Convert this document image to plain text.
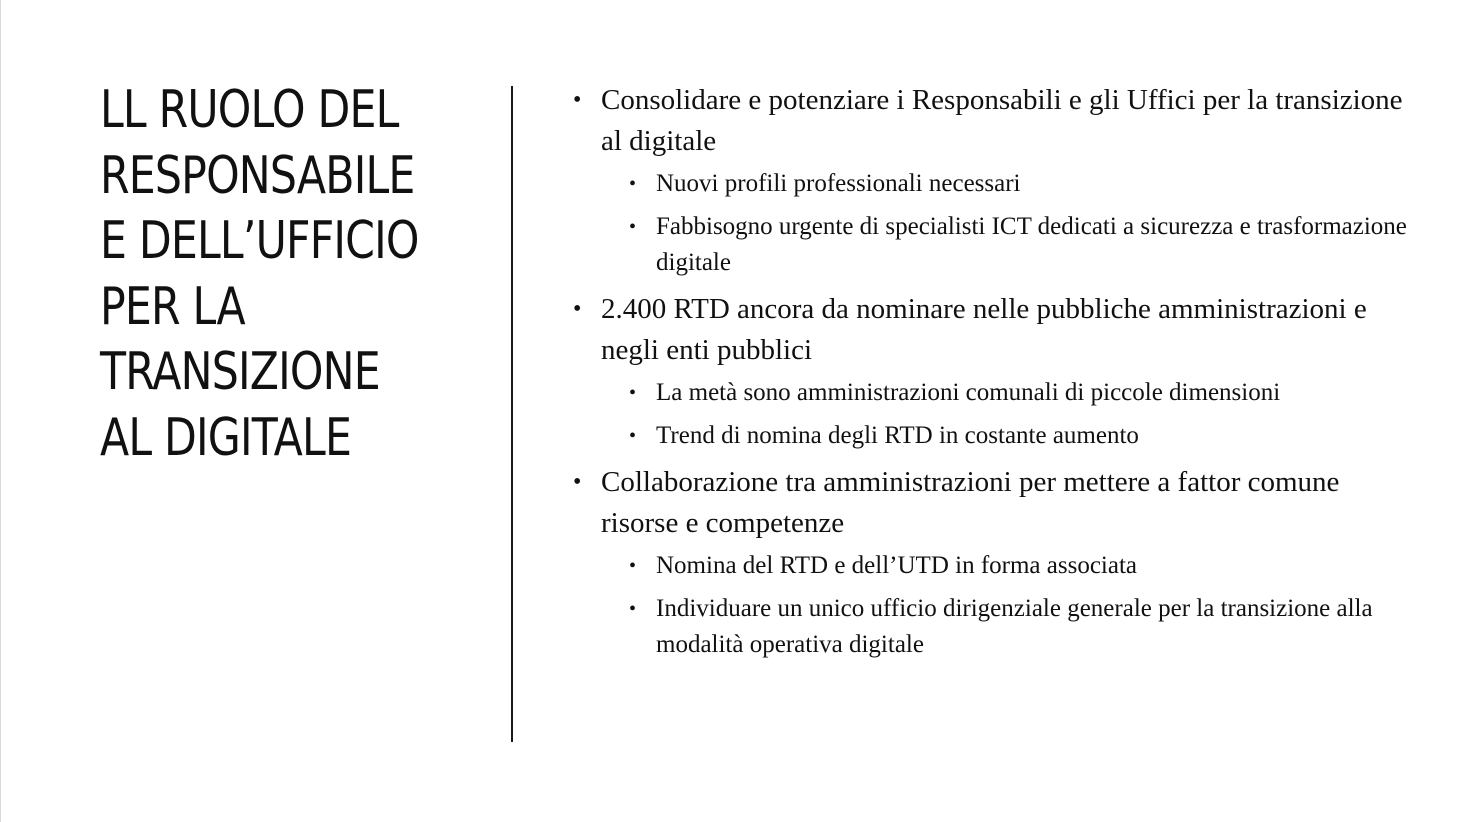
LL RUOLO DEL
RESPONSABILE
E DELL’UFFICIO
PER LA
TRANSIZIONE
AL DIGITALE
• Consolidare e potenziare i Responsabili e gli Uffici per la transizione al digitale
• Nuovi profili professionali necessari
• Fabbisogno urgente di specialisti ICT dedicati a sicurezza e trasformazione digitale
• 2.400 RTD ancora da nominare nelle pubbliche amministrazioni e negli enti pubblici
• La metà sono amministrazioni comunali di piccole dimensioni
• Trend di nomina degli RTD in costante aumento
• Collaborazione tra amministrazioni per mettere a fattor comune risorse e competenze
• Nomina del RTD e dell’UTD in forma associata
• Individuare un unico ufficio dirigenziale generale per la transizione alla modalità operativa digitale
